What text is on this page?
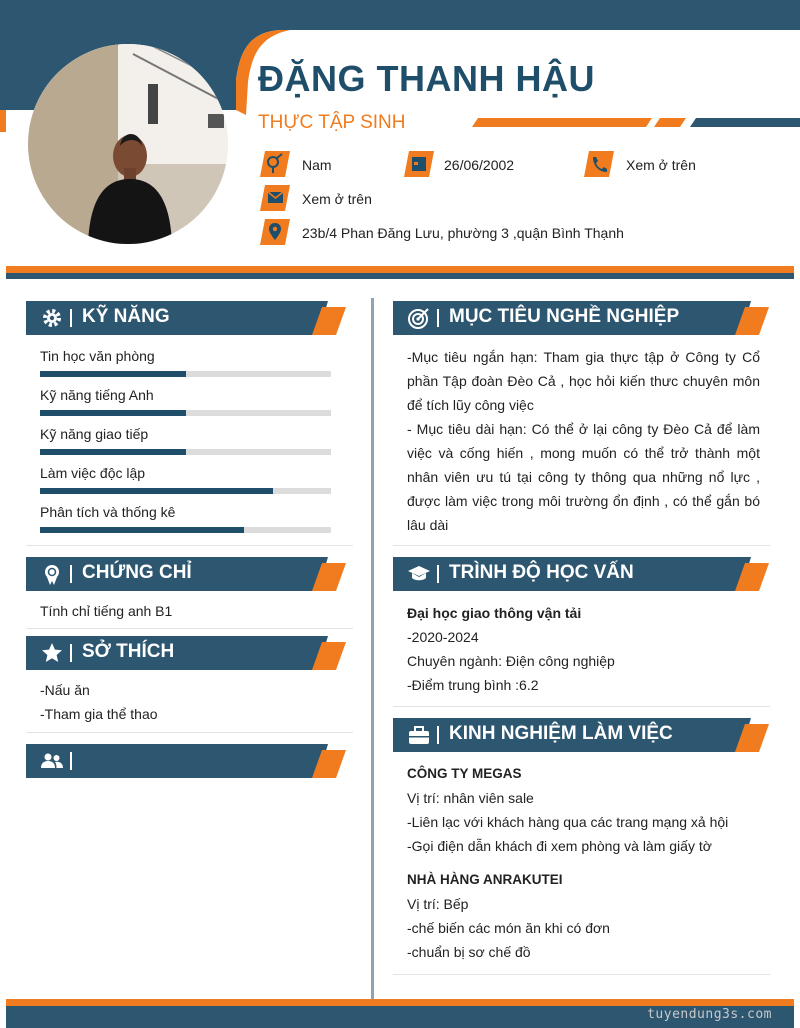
ĐẶNG THANH HẬU
THỰC TẬP SINH
Nam	26/06/2002	Xem ở trên
Xem ở trên
23b/4 Phan Đăng Lưu, phường 3 ,quận Bình Thạnh
KỸ NĂNG
Tin học văn phòng
Kỹ năng tiếng Anh
Kỹ năng giao tiếp
Làm việc độc lập
Phân tích và thống kê
CHỨNG CHỈ
Tính chỉ tiếng anh B1
SỞ THÍCH
-Nấu ăn
-Tham gia thể thao
MỤC TIÊU NGHỀ NGHIỆP
-Mục tiêu ngắn hạn: Tham gia thực tập ở Công ty Cổ phần Tập đoàn Đèo Cả , học hỏi kiến thưc chuyên môn để tích lũy công việc
- Mục tiêu dài hạn: Có thể ở lại công ty Đèo Cả để làm việc và cống hiến , mong muốn có thể trở thành một nhân viên ưu tú tại công ty thông qua những nổ lực , được làm việc trong môi trường ổn định , có thể gắn bó lâu dài
TRÌNH ĐỘ HỌC VẤN
Đại học giao thông vận tải
-2020-2024
Chuyên ngành: Điện công nghiệp
-Điểm trung bình :6.2
KINH NGHIỆM LÀM VIỆC
CÔNG TY MEGAS
Vị trí: nhân viên sale
-Liên lạc với khách hàng qua các trang mạng xả hội
-Gọi điện dẫn khách đi xem phòng và làm giấy tờ
NHÀ HÀNG ANRAKUTEI
Vị trí: Bếp
-chế biến các món ăn khi có đơn
-chuẩn bị sơ chế đồ
tuyendung3s.com
